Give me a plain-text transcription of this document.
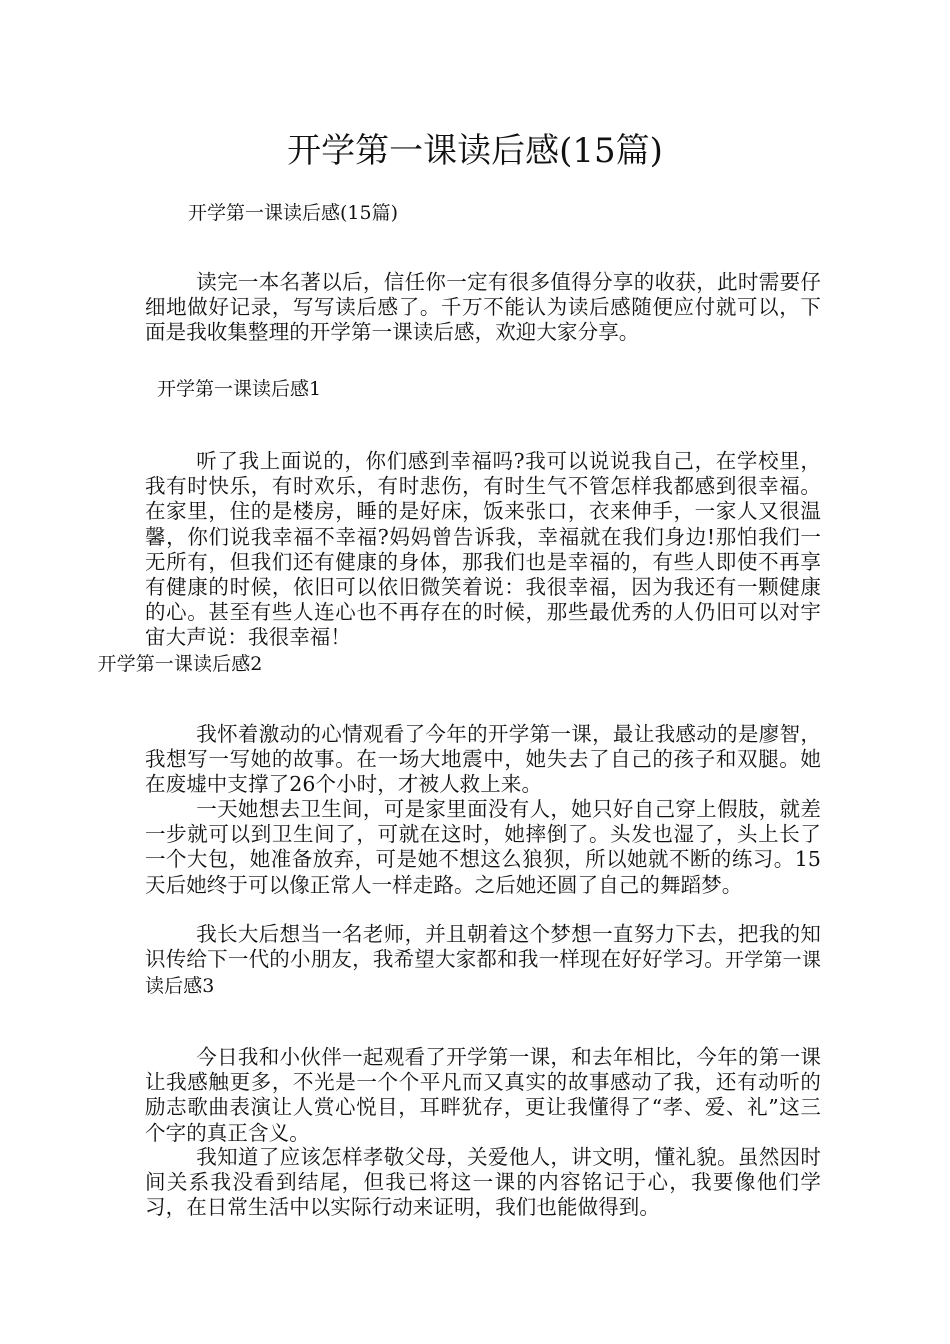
开学第一课读后感(15篇)

开学第一课读后感(15篇)

读完一本名著以后，信任你一定有很多值得分享的收获，此时需要仔细地做好记录，写写读后感了。千万不能认为读后感随便应付就可以，下面是我收集整理的开学第一课读后感，欢迎大家分享。

开学第一课读后感1

听了我上面说的，你们感到幸福吗?我可以说说我自己，在学校里，我有时快乐，有时欢乐，有时悲伤，有时生气不管怎样我都感到很幸福。在家里，住的是楼房，睡的是好床，饭来张口，衣来伸手，一家人又很温馨，你们说我幸福不幸福?妈妈曾告诉我，幸福就在我们身边!那怕我们一无所有，但我们还有健康的身体，那我们也是幸福的，有些人即使不再享有健康的时候，依旧可以依旧微笑着说：我很幸福，因为我还有一颗健康的心。甚至有些人连心也不再存在的时候，那些最优秀的人仍旧可以对宇宙大声说：我很幸福！
开学第一课读后感2

我怀着激动的心情观看了今年的开学第一课，最让我感动的是廖智，我想写一写她的故事。在一场大地震中，她失去了自己的孩子和双腿。她在废墟中支撑了26个小时，才被人救上来。

一天她想去卫生间，可是家里面没有人，她只好自己穿上假肢，就差一步就可以到卫生间了，可就在这时，她摔倒了。头发也湿了，头上长了一个大包，她准备放弃，可是她不想这么狼狈，所以她就不断的练习。15天后她终于可以像正常人一样走路。之后她还圆了自己的舞蹈梦。

我长大后想当一名老师，并且朝着这个梦想一直努力下去，把我的知识传给下一代的小朋友，我希望大家都和我一样现在好好学习。开学第一课读后感3

今日我和小伙伴一起观看了开学第一课，和去年相比，今年的第一课让我感触更多，不光是一个个平凡而又真实的故事感动了我，还有动听的励志歌曲表演让人赏心悦目，耳畔犹存，更让我懂得了“孝、爱、礼”这三个字的真正含义。

我知道了应该怎样孝敬父母，关爱他人，讲文明，懂礼貌。虽然因时间关系我没看到结尾，但我已将这一课的内容铭记于心，我要像他们学习，在日常生活中以实际行动来证明，我们也能做得到。
